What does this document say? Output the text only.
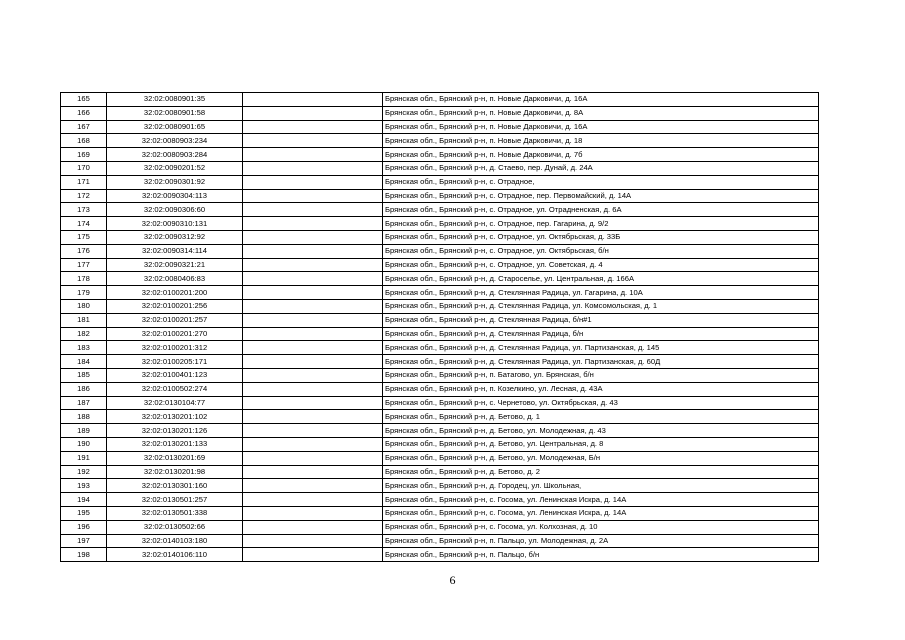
165	32:02:0080901:35		Брянская обл., Брянский р-н, п. Новые Дарковичи, д. 16А
166	32:02:0080901:58		Брянская обл., Брянский р-н, п. Новые Дарковичи, д. 8А
167	32:02:0080901:65		Брянская обл., Брянский р-н, п. Новые Дарковичи, д. 16А
168	32:02:0080903:234		Брянская обл., Брянский р-н, п. Новые Дарковичи, д. 18
169	32:02:0080903:284		Брянская обл., Брянский р-н, п. Новые Дарковичи, д. 7б
170	32:02:0090201:52		Брянская обл., Брянский р-н, д. Стаево, пер. Дунай, д. 24А
171	32:02:0090301:92		Брянская обл., Брянский р-н, с. Отрадное,
172	32:02:0090304:113		Брянская обл., Брянский р-н, с. Отрадное, пер. Первомайский, д. 14А
173	32:02:0090306:60		Брянская обл., Брянский р-н, с. Отрадное, ул. Отрадненская, д. 6А
174	32:02:0090310:131		Брянская обл., Брянский р-н, с. Отрадное, пер. Гагарина, д. 9/2
175	32:02:0090312:92		Брянская обл., Брянский р-н, с. Отрадное, ул. Октябрьская, д. 33Б
176	32:02:0090314:114		Брянская обл., Брянский р-н, с. Отрадное, ул. Октябрьская, б/н
177	32:02:0090321:21		Брянская обл., Брянский р-н, с. Отрадное, ул. Советская, д. 4
178	32:02:0080406:83		Брянская обл., Брянский р-н, д. Староселье, ул. Центральная, д. 166А
179	32:02:0100201:200		Брянская обл., Брянский р-н, д. Стеклянная Радица, ул. Гагарина, д. 10А
180	32:02:0100201:256		Брянская обл., Брянский р-н, д. Стеклянная Радица, ул. Комсомольская, д. 1
181	32:02:0100201:257		Брянская обл., Брянский р-н, д. Стеклянная Радица, б/н#1
182	32:02:0100201:270		Брянская обл., Брянский р-н, д. Стеклянная Радица, б/н
183	32:02:0100201:312		Брянская обл., Брянский р-н, д. Стеклянная Радица, ул. Партизанская, д. 145
184	32:02:0100205:171		Брянская обл., Брянский р-н, д. Стеклянная Радица, ул. Партизанская, д. 60Д
185	32:02:0100401:123		Брянская обл., Брянский р-н, п. Батагово, ул. Брянская, б/н
186	32:02:0100502:274		Брянская обл., Брянский р-н, п. Козелкино, ул. Лесная, д. 43А
187	32:02:0130104:77		Брянская обл., Брянский р-н, с. Чернетово, ул. Октябрьская, д. 43
188	32:02:0130201:102		Брянская обл., Брянский р-н, д. Бетово, д. 1
189	32:02:0130201:126		Брянская обл., Брянский р-н, д. Бетово, ул. Молодежная, д. 43
190	32:02:0130201:133		Брянская обл., Брянский р-н, д. Бетово, ул. Центральная, д. 8
191	32:02:0130201:69		Брянская обл., Брянский р-н, д. Бетово, ул. Молодежная, Б/н
192	32:02:0130201:98		Брянская обл., Брянский р-н, д. Бетово, д. 2
193	32:02:0130301:160		Брянская обл., Брянский р-н, д. Городец, ул. Школьная,
194	32:02:0130501:257		Брянская обл., Брянский р-н, с. Госома, ул. Ленинская Искра, д. 14А
195	32:02:0130501:338		Брянская обл., Брянский р-н, с. Госома, ул. Ленинская Искра, д. 14А
196	32:02:0130502:66		Брянская обл., Брянский р-н, с. Госома, ул. Колхозная, д. 10
197	32:02:0140103:180		Брянская обл., Брянский р-н, п. Пальцо, ул. Молодежная, д. 2А
198	32:02:0140106:110		Брянская обл., Брянский р-н, п. Пальцо, б/н
6
